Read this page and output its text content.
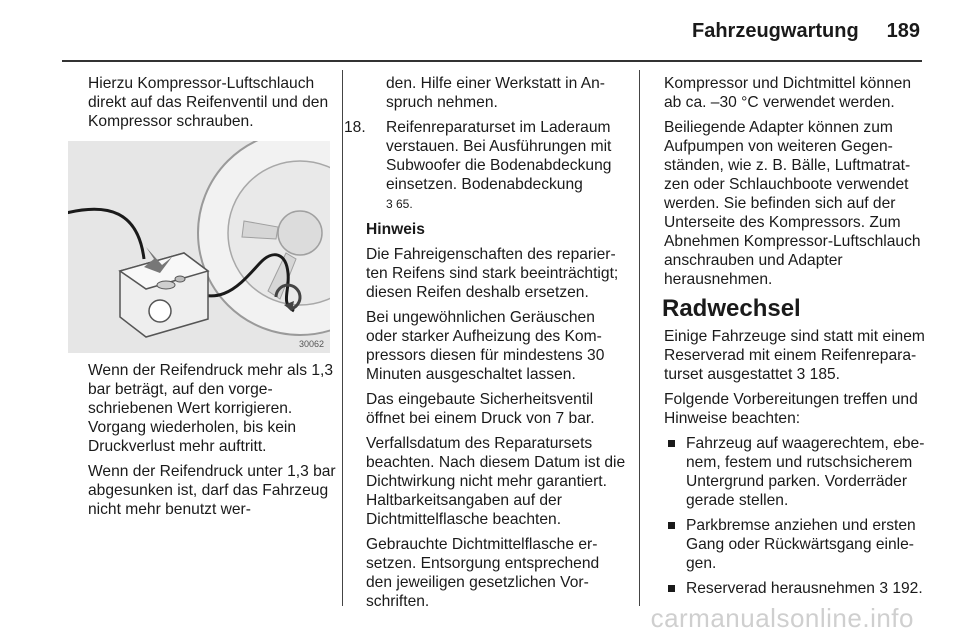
Fahrzeugwartung 189

Hierzu Kompressor-Luftschlauch direkt auf das Reifenventil und den Kompressor schrauben.

30062

Wenn der Reifendruck mehr als 1,3 bar beträgt, auf den vorgeschriebenen Wert korrigieren. Vorgang wiederholen, bis kein Druckverlust mehr auftritt.

Wenn der Reifendruck unter 1,3 bar abgesunken ist, darf das Fahrzeug nicht mehr benutzt wer-

den. Hilfe einer Werkstatt in Anspruch nehmen.

18. Reifenreparaturset im Laderaum verstauen. Bei Ausführungen mit Subwoofer die Bodenabdeckung einsetzen. Bodenabdeckung
3 65.

Hinweis

Die Fahreigenschaften des reparierten Reifens sind stark beeinträchtigt; diesen Reifen deshalb ersetzen.

Bei ungewöhnlichen Geräuschen oder starker Aufheizung des Kompressors diesen für mindestens 30 Minuten ausgeschaltet lassen.

Das eingebaute Sicherheitsventil öffnet bei einem Druck von 7 bar.

Verfallsdatum des Reparatursets beachten. Nach diesem Datum ist die Dichtwirkung nicht mehr garantiert. Haltbarkeitsangaben auf der Dichtmittelflasche beachten.

Gebrauchte Dichtmittelflasche ersetzen. Entsorgung entsprechend den jeweiligen gesetzlichen Vorschriften.

Kompressor und Dichtmittel können ab ca. –30 °C verwendet werden.

Beiliegende Adapter können zum Aufpumpen von weiteren Gegenständen, wie z. B. Bälle, Luftmatratzen oder Schlauchboote verwendet werden. Sie befinden sich auf der Unterseite des Kompressors. Zum Abnehmen Kompressor-Luftschlauch anschrauben und Adapter herausnehmen.

Radwechsel

Einige Fahrzeuge sind statt mit einem Reserverad mit einem Reifenreparaturset ausgestattet 3 185.

Folgende Vorbereitungen treffen und Hinweise beachten:

Fahrzeug auf waagerechtem, ebenem, festem und rutschsicherem Untergrund parken. Vorderräder gerade stellen.
Parkbremse anziehen und ersten Gang oder Rückwärtsgang einlegen.
Reserverad herausnehmen 3 192.
carmanualsonline.info
